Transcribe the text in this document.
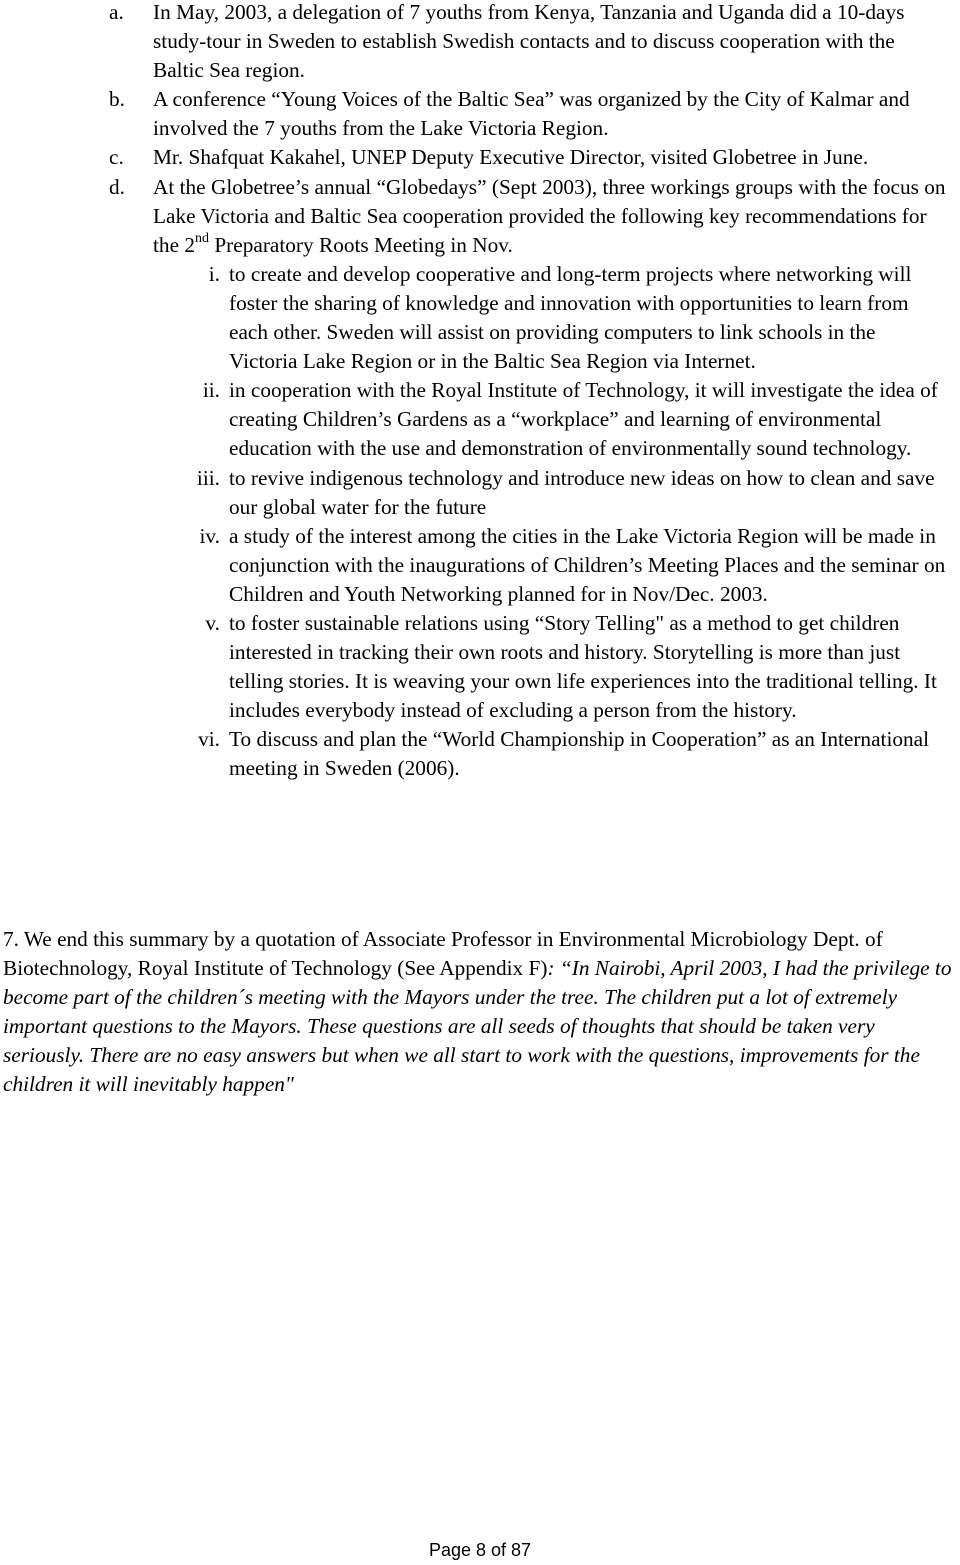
a. In May, 2003, a delegation of 7 youths from Kenya, Tanzania and Uganda did a 10-days study-tour in Sweden to establish Swedish contacts and to discuss cooperation with the Baltic Sea region.
b. A conference “Young Voices of the Baltic Sea” was organized by the City of Kalmar and involved the 7 youths from the Lake Victoria Region.
c. Mr. Shafquat Kakahel, UNEP Deputy Executive Director, visited Globetree in June.
d. At the Globetree’s annual “Globedays” (Sept 2003), three workings groups with the focus on Lake Victoria and Baltic Sea cooperation provided the following key recommendations for the 2nd Preparatory Roots Meeting in Nov.
i. to create and develop cooperative and long-term projects where networking will foster the sharing of knowledge and innovation with opportunities to learn from each other. Sweden will assist on providing computers to link schools in the Victoria Lake Region or in the Baltic Sea Region via Internet.
ii. in cooperation with the Royal Institute of Technology, it will investigate the idea of creating Children’s Gardens as a “workplace” and learning of environmental education with the use and demonstration of environmentally sound technology.
iii. to revive indigenous technology and introduce new ideas on how to clean and save our global water for the future
iv. a study of the interest among the cities in the Lake Victoria Region will be made in conjunction with the inaugurations of Children’s Meeting Places and the seminar on Children and Youth Networking planned for in Nov/Dec. 2003.
v. to foster sustainable relations using “Story Telling" as a method to get children interested in tracking their own roots and history. Storytelling is more than just telling stories. It is weaving your own life experiences into the traditional telling. It includes everybody instead of excluding a person from the history.
vi. To discuss and plan the “World Championship in Cooperation” as an International meeting in Sweden (2006).

7. We end this summary by a quotation of Associate Professor in Environmental Microbiology Dept. of Biotechnology, Royal Institute of Technology (See Appendix F): “In Nairobi, April 2003, I had the privilege to become part of the children´s meeting with the Mayors under the tree. The children put a lot of extremely important questions to the Mayors. These questions are all seeds of thoughts that should be taken very seriously. There are no easy answers but when we all start to work with the questions, improvements for the children it will inevitably happen"

Page 8 of 87
